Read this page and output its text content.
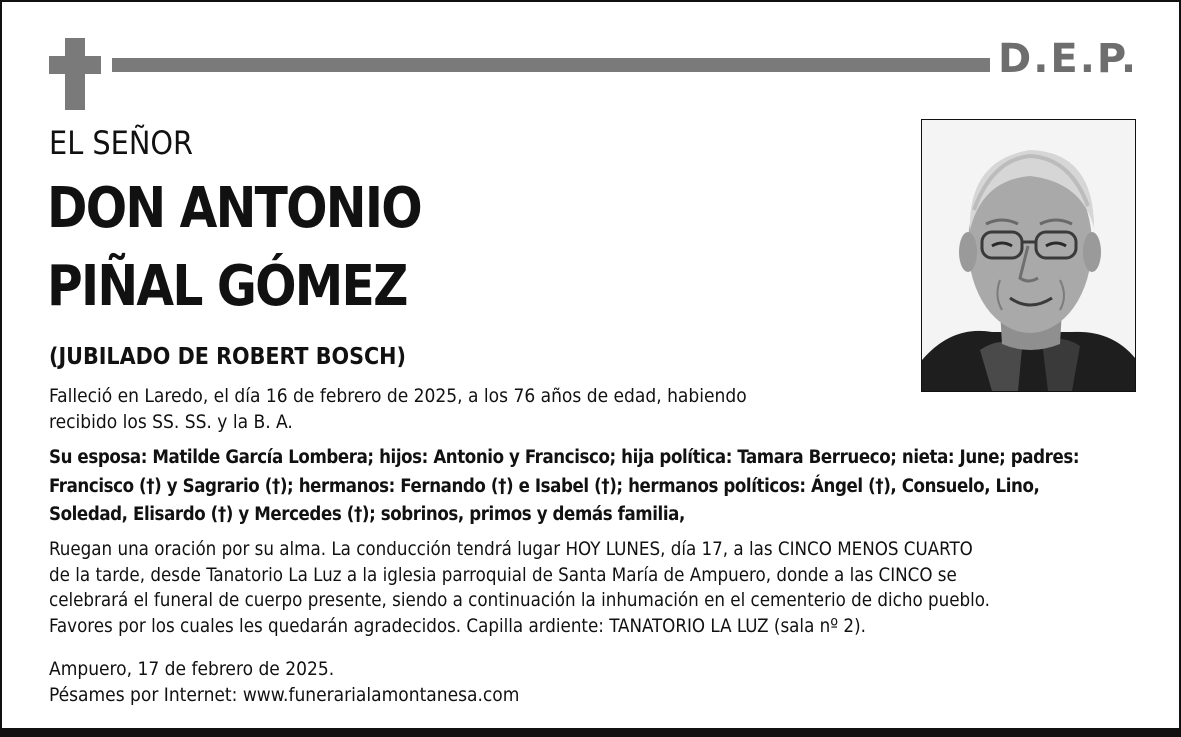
D.E.P.

EL SEÑOR

DON ANTONIO
PIÑAL GÓMEZ

(JUBILADO DE ROBERT BOSCH)

Falleció en Laredo, el día 16 de febrero de 2025, a los 76 años de edad, habiendo
recibido los SS. SS. y la B. A.

Su esposa: Matilde García Lombera; hijos: Antonio y Francisco; hija política: Tamara Berrueco; nieta: June; padres:
Francisco (†) y Sagrario (†); hermanos: Fernando (†) e Isabel (†); hermanos políticos: Ángel (†), Consuelo, Lino,
Soledad, Elisardo (†) y Mercedes (†); sobrinos, primos y demás familia,

Ruegan una oración por su alma. La conducción tendrá lugar HOY LUNES, día 17, a las CINCO MENOS CUARTO
de la tarde, desde Tanatorio La Luz a la iglesia parroquial de Santa María de Ampuero, donde a las CINCO se
celebrará el funeral de cuerpo presente, siendo a continuación la inhumación en el cementerio de dicho pueblo.
Favores por los cuales les quedarán agradecidos. Capilla ardiente: TANATORIO LA LUZ (sala nº 2).

Ampuero, 17 de febrero de 2025.
Pésames por Internet: www.funerarialamontanesa.com
